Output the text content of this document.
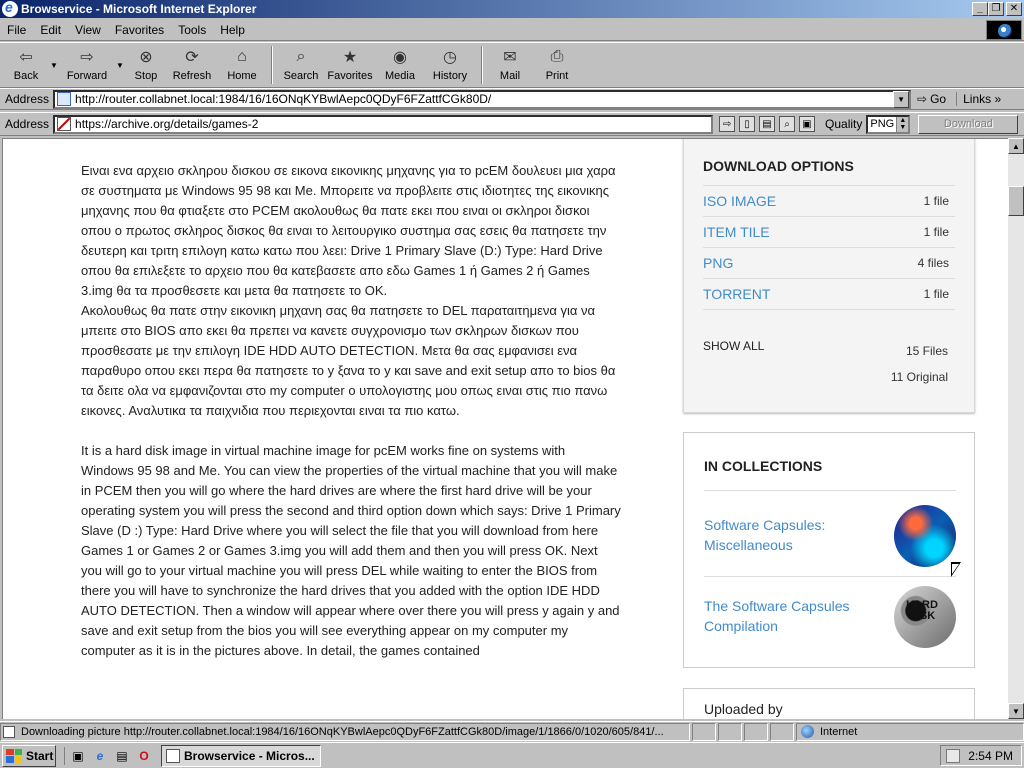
e
Browservice - Microsoft Internet Explorer	_ ❐ ✕
File	Edit	View	Favorites	Tools	Help
⇦
Back
▼ ⇨
Forward
▼ ⊗
Stop
⟳
Refresh
⌂
Home
⌕
Search
★
Favorites
◉
Media
◷
History
✉
Mail
⎙
Print
Address	http://router.collabnet.local:1984/16/16ONqKYBwlAepc0QDyF6FZattfCGk80D/	▼	⇨ Go	Links »
Address	https://archive.org/details/games-2	⇨	▯	▤	⌕	▣ Quality PNG ▲
▼	Download

Ειναι ενα αρχειο σκληρου δισκου σε εικονα εικονικης μηχανης για το pcEM δουλευει μια χαρα σε συστηματα με Windows 95 98 και Me. Μπορειτε να προβλειτε στις ιδιοτητες της εικονικης μηχανης που θα φτιαξετε στο PCEM ακολουθως θα πατε εκει που ειναι οι σκληροι δισκοι οπου ο πρωτος σκληρος δισκος θα ειναι το λειτουργικο συστημα σας εσεις θα πατησετε την δευτερη και τριτη επιλογη κατω κατω που λεει: Drive 1 Primary Slave (D:) Type: Hard Drive οπου θα επιλεξετε το αρχειο που θα κατεβασετε απο εδω Games 1 ή Games 2 ή Games 3.img θα τα προσθεσετε και μετα θα πατησετε το OK.

Ακολουθως θα πατε στην εικονικη μηχανη σας θα πατησετε το DEL παραταιτημενα για να μπειτε στο BIOS απο εκει θα πρεπει να κανετε συγχρονισμο των σκληρων δισκων που προσθεσατε με την επιλογη IDE HDD AUTO DETECTION. Μετα θα σας εμφανισει ενα παραθυρο οπου εκει περα θα πατησετε το y ξανα το y και save and exit setup απο το bios θα τα δειτε ολα να εμφανιζονται στο my computer ο υπολογιστης μου οπως ειναι στις πιο πανω εικονες. Αναλυτικα τα παιχνιδια που περιεχονται ειναι τα πιο κατω.

It is a hard disk image in virtual machine image for pcEM works fine on systems with Windows 95 98 and Me. You can view the properties of the virtual machine that you will make in PCEM then you will go where the hard drives are where the first hard drive will be your operating system you will press the second and third option down which says: Drive 1 Primary Slave (D :) Type: Hard Drive where you will select the file that you will download from here Games 1 or Games 2 or Games 3.img you will add them and then you will press OK. Next you will go to your virtual machine you will press DEL while waiting to enter the BIOS from there you will have to synchronize the hard drives that you added with the option IDE HDD AUTO DETECTION. Then a window will appear where over there you will press y again y and save and exit setup from the bios you will see everything appear on my computer my computer as it is in the pictures above. In detail, the games contained

DOWNLOAD OPTIONS
ISO IMAGE	1 file
ITEM TILE	1 file
PNG	4 files
TORRENT	1 file
SHOW ALL	15 Files
11 Original
IN COLLECTIONS
Software Capsules: Miscellaneous
The Software Capsules Compilation
HARD DISK
Uploaded by
▲
▼
Downloading picture http://router.collabnet.local:1984/16/16ONqKYBwlAepc0QDyF6FZattfCGk80D/image/1/1866/0/1020/605/841/...	Internet
Start ▣	e	▤ O	Browservice - Micros...	2:54 PM
